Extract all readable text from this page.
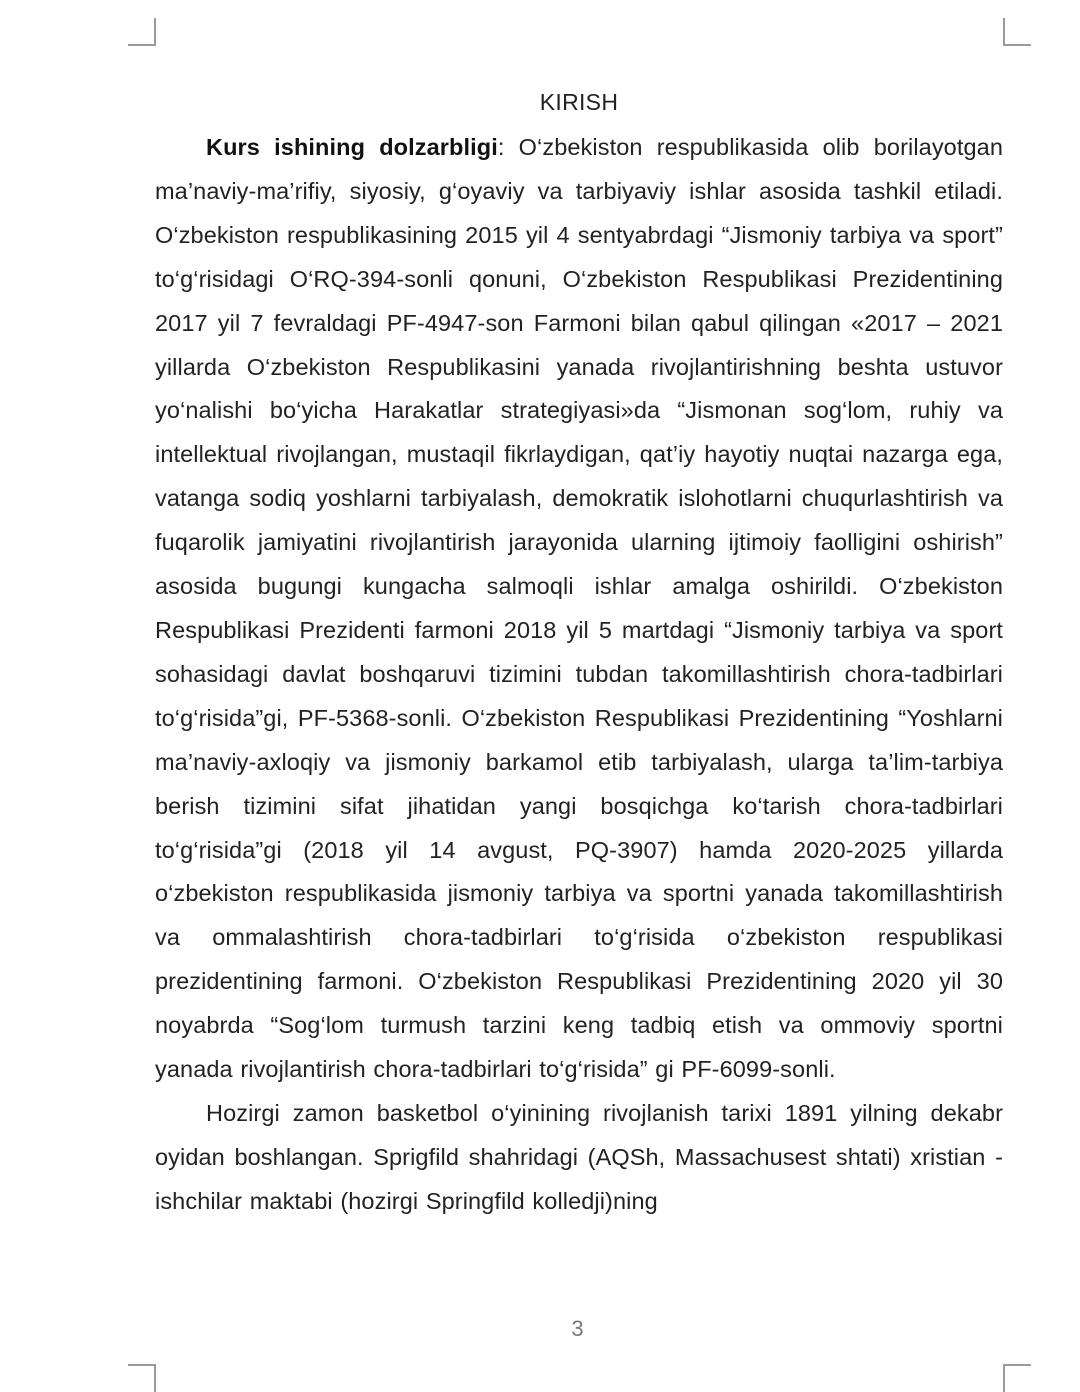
KIRISH

Kurs ishining dolzarbligi: O‘zbekiston respublikasida olib borilayotgan ma’naviy-ma’rifiy, siyosiy, g‘oyaviy va tarbiyaviy ishlar asosida tashkil etiladi. O‘zbekiston respublikasining 2015 yil 4 sentyabrdagi “Jismoniy tarbiya va sport” to‘g‘risidagi O‘RQ-394-sonli qonuni, O‘zbekiston Respublikasi Prezidentining 2017 yil 7 fevraldagi PF-4947-son Farmoni bilan qabul qilingan «2017 – 2021 yillarda O‘zbekiston Respublikasini yanada rivojlantirishning beshta ustuvor yo‘nalishi bo‘yicha Harakatlar strategiyasi»da “Jismonan sog‘lom, ruhiy va intellektual rivojlangan, mustaqil fikrlaydigan, qat’iy hayotiy nuqtai nazarga ega, vatanga sodiq yoshlarni tarbiyalash, demokratik islohotlarni chuqurlashtirish va fuqarolik jamiyatini rivojlantirish jarayonida ularning ijtimoiy faolligini oshirish” asosida bugungi kungacha salmoqli ishlar amalga oshirildi. O‘zbekiston Respublikasi Prezidenti farmoni 2018 yil 5 martdagi “Jismoniy tarbiya va sport sohasidagi davlat boshqaruvi tizimini tubdan takomillashtirish chora-tadbirlari to‘g‘risida”gi, PF-5368-sonli. O‘zbekiston Respublikasi Prezidentining “Yoshlarni ma’naviy-axloqiy va jismoniy barkamol etib tarbiyalash, ularga ta’lim-tarbiya berish tizimini sifat jihatidan yangi bosqichga ko‘tarish chora-tadbirlari to‘g‘risida”gi (2018 yil 14 avgust, PQ-3907) hamda 2020-2025 yillarda o‘zbekiston respublikasida jismoniy tarbiya va sportni yanada takomillashtirish va ommalashtirish chora-tadbirlari to‘g‘risida o‘zbekiston respublikasi prezidentining farmoni. O‘zbekiston Respublikasi Prezidentining 2020 yil 30 noyabrda “Sog‘lom turmush tarzini keng tadbiq etish va ommoviy sportni yanada rivojlantirish chora-tadbirlari to‘g‘risida” gi PF-6099-sonli.

Hozirgi zamon basketbol o‘yinining rivojlanish tarixi 1891 yilning dekabr oyidan boshlangan. Sprigfild shahridagi (AQSh, Massachusest shtati) xristian - ishchilar maktabi (hozirgi Springfild kolledji)ning

3
